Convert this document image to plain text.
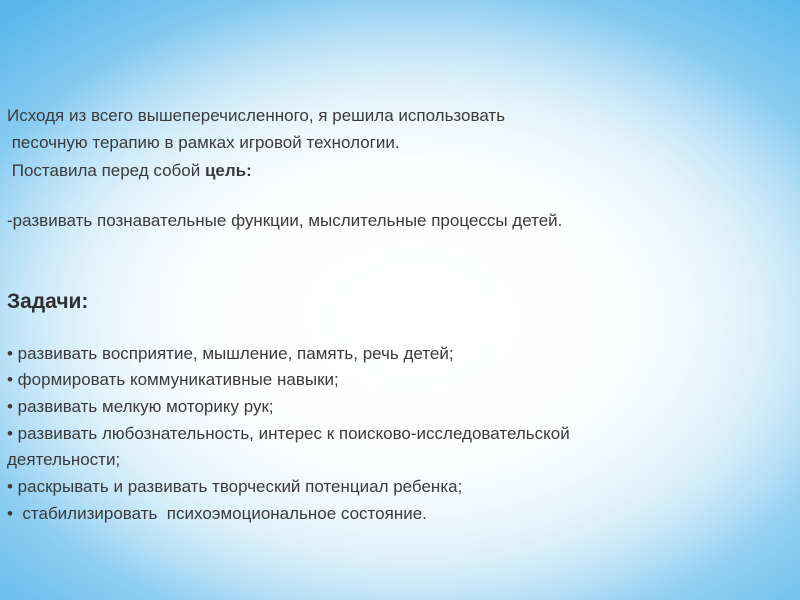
Исходя из всего вышеперечисленного, я решила использовать
песочную терапию в рамках игровой технологии.
Поставила перед собой цель:
-развивать познавательные функции, мыслительные процессы детей.
Задачи:
• развивать восприятие, мышление, память, речь детей;
• формировать коммуникативные навыки;
• развивать мелкую моторику рук;
• развивать любознательность, интерес к поисково-исследовательской
деятельности;
• раскрывать и развивать творческий потенциал ребенка;
•  стабилизировать  психоэмоциональное состояние.
